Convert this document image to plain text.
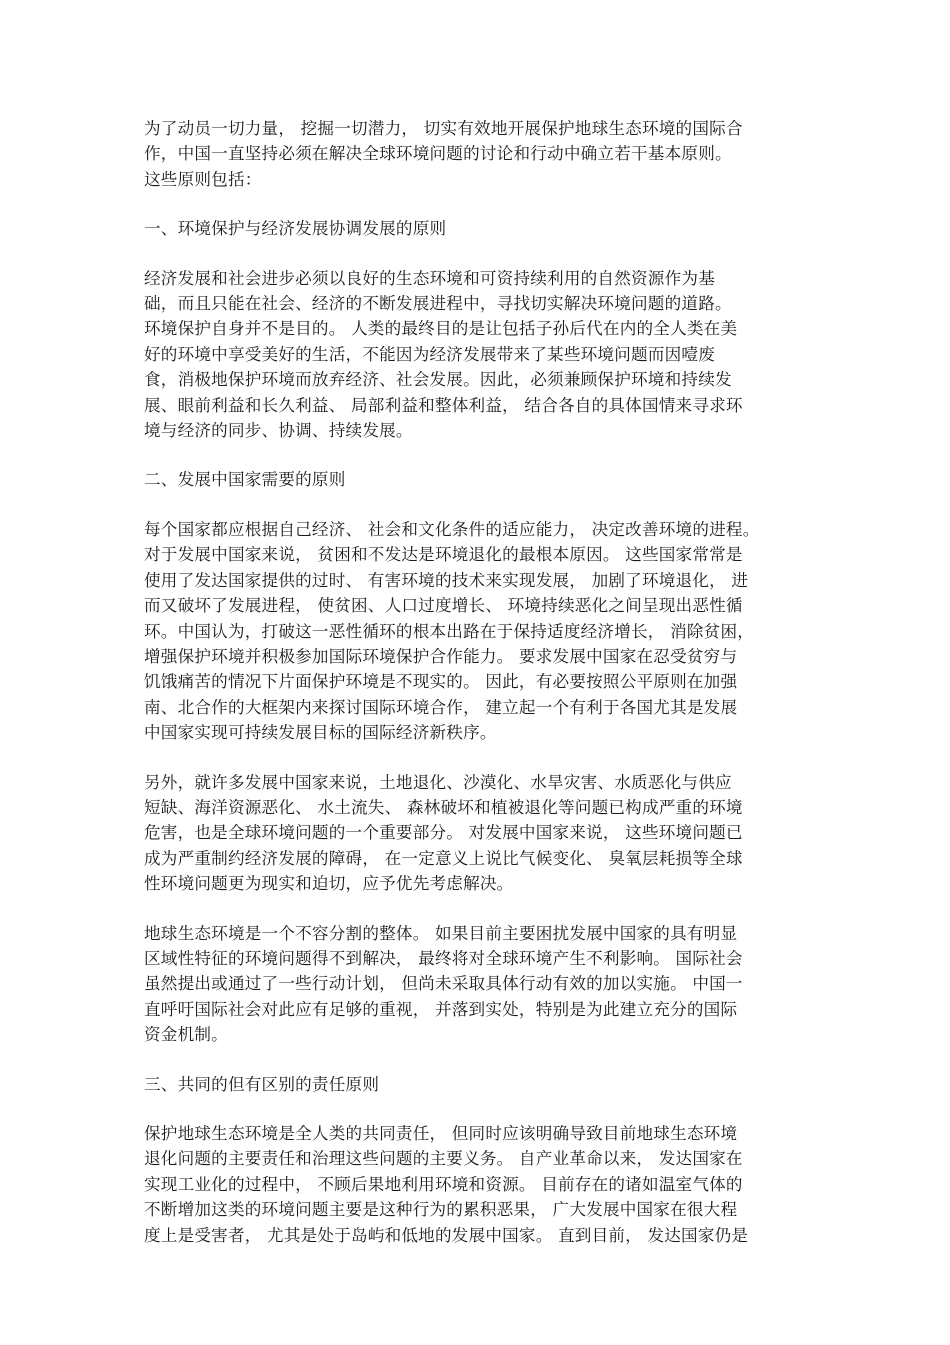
为了动员一切力量， 挖掘一切潜力， 切实有效地开展保护地球生态环境的国际合
作，中国一直坚持必须在解决全球环境问题的讨论和行动中确立若干基本原则。
这些原则包括：
一、环境保护与经济发展协调发展的原则
经济发展和社会进步必须以良好的生态环境和可资持续利用的自然资源作为基
础，而且只能在社会、经济的不断发展进程中，寻找切实解决环境问题的道路。
环境保护自身并不是目的。 人类的最终目的是让包括子孙后代在内的全人类在美
好的环境中享受美好的生活，不能因为经济发展带来了某些环境问题而因噎废
食，消极地保护环境而放弃经济、社会发展。因此，必须兼顾保护环境和持续发
展、眼前利益和长久利益、 局部利益和整体利益， 结合各自的具体国情来寻求环
境与经济的同步、协调、持续发展。
二、发展中国家需要的原则
每个国家都应根据自己经济、 社会和文化条件的适应能力， 决定改善环境的进程。
对于发展中国家来说， 贫困和不发达是环境退化的最根本原因。 这些国家常常是
使用了发达国家提供的过时、 有害环境的技术来实现发展， 加剧了环境退化， 进
而又破坏了发展进程， 使贫困、人口过度增长、 环境持续恶化之间呈现出恶性循
环。中国认为，打破这一恶性循环的根本出路在于保持适度经济增长， 消除贫困，
增强保护环境并积极参加国际环境保护合作能力。 要求发展中国家在忍受贫穷与
饥饿痛苦的情况下片面保护环境是不现实的。 因此，有必要按照公平原则在加强
南、北合作的大框架内来探讨国际环境合作， 建立起一个有利于各国尤其是发展
中国家实现可持续发展目标的国际经济新秩序。
另外，就许多发展中国家来说，土地退化、沙漠化、水旱灾害、水质恶化与供应
短缺、海洋资源恶化、 水土流失、 森林破坏和植被退化等问题已构成严重的环境
危害，也是全球环境问题的一个重要部分。 对发展中国家来说， 这些环境问题已
成为严重制约经济发展的障碍， 在一定意义上说比气候变化、 臭氧层耗损等全球
性环境问题更为现实和迫切，应予优先考虑解决。
地球生态环境是一个不容分割的整体。 如果目前主要困扰发展中国家的具有明显
区域性特征的环境问题得不到解决， 最终将对全球环境产生不利影响。 国际社会
虽然提出或通过了一些行动计划， 但尚未采取具体行动有效的加以实施。 中国一
直呼吁国际社会对此应有足够的重视， 并落到实处，特别是为此建立充分的国际
资金机制。
三、共同的但有区别的责任原则
保护地球生态环境是全人类的共同责任， 但同时应该明确导致目前地球生态环境
退化问题的主要责任和治理这些问题的主要义务。 自产业革命以来， 发达国家在
实现工业化的过程中， 不顾后果地利用环境和资源。 目前存在的诸如温室气体的
不断增加这类的环境问题主要是这种行为的累积恶果， 广大发展中国家在很大程
度上是受害者， 尤其是处于岛屿和低地的发展中国家。 直到目前， 发达国家仍是
